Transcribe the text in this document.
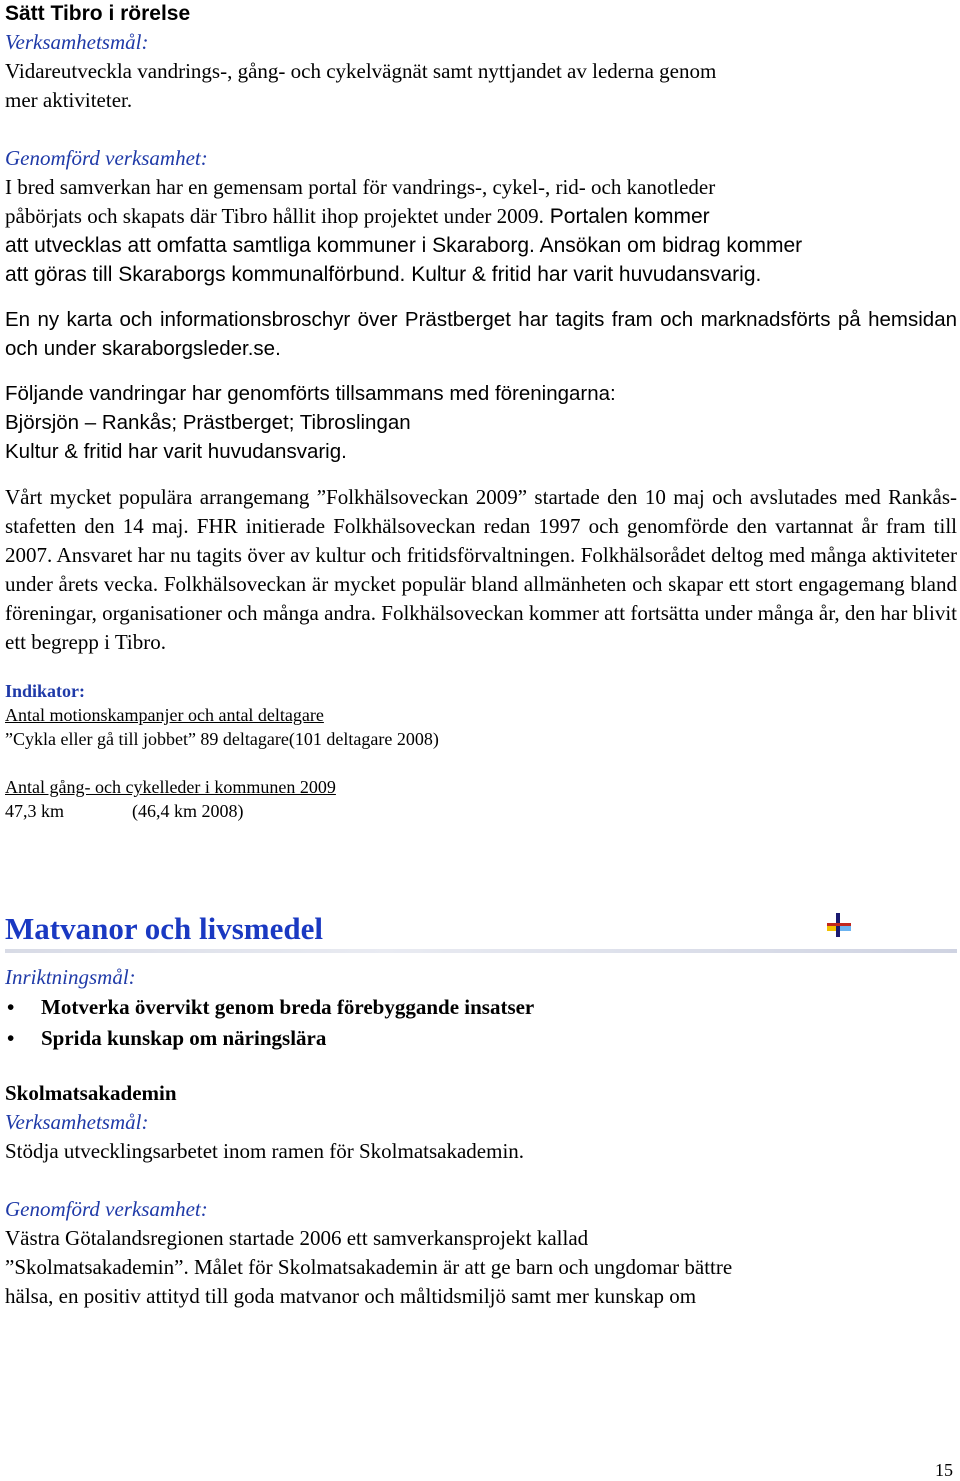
Sätt Tibro i rörelse
Verksamhetsmål:
Vidareutveckla vandrings-, gång- och cykelvägnät samt nyttjandet av lederna genom
mer aktiviteter.
Genomförd verksamhet:
I bred samverkan har en gemensam portal för vandrings-, cykel-, rid- och kanotleder
påbörjats och skapats där Tibro hållit ihop projektet under 2009. Portalen kommer
att utvecklas att omfatta samtliga kommuner i Skaraborg. Ansökan om bidrag kommer
att göras till Skaraborgs kommunalförbund. Kultur & fritid har varit huvudansvarig.

En ny karta och informationsbroschyr över Prästberget har tagits fram och marknadsförts på hemsidan och under skaraborgsleder.se.

Följande vandringar har genomförts tillsammans med föreningarna:
Björsjön – Rankås; Prästberget; Tibroslingan
Kultur & fritid har varit huvudansvarig.

Vårt mycket populära arrangemang ”Folkhälsoveckan 2009” startade den 10 maj och avslutades med Rankås-stafetten den 14 maj. FHR initierade Folkhälsoveckan redan 1997 och genomförde den vartannat år fram till 2007. Ansvaret har nu tagits över av kultur och fritidsförvaltningen. Folkhälsorådet deltog med många aktiviteter under årets vecka. Folkhälsoveckan är mycket populär bland allmänheten och skapar ett stort engagemang bland föreningar, organisationer och många andra. Folkhälsoveckan kommer att fortsätta under många år, den har blivit ett begrepp i Tibro.

Indikator:
Antal motionskampanjer och antal deltagare
”Cykla eller gå till jobbet” 89 deltagare(101 deltagare 2008)
Antal gång- och cykelleder i kommunen 2009
47,3 km	(46,4 km 2008)
Matvanor och livsmedel
Inriktningsmål:
• Motverka övervikt genom breda förebyggande insatser
• Sprida kunskap om näringslära
Skolmatsakademin
Verksamhetsmål:
Stödja utvecklingsarbetet inom ramen för Skolmatsakademin.
Genomförd verksamhet:
Västra Götalandsregionen startade 2006 ett samverkansprojekt kallad
”Skolmatsakademin”. Målet för Skolmatsakademin är att ge barn och ungdomar bättre
hälsa, en positiv attityd till goda matvanor och måltidsmiljö samt mer kunskap om
15
